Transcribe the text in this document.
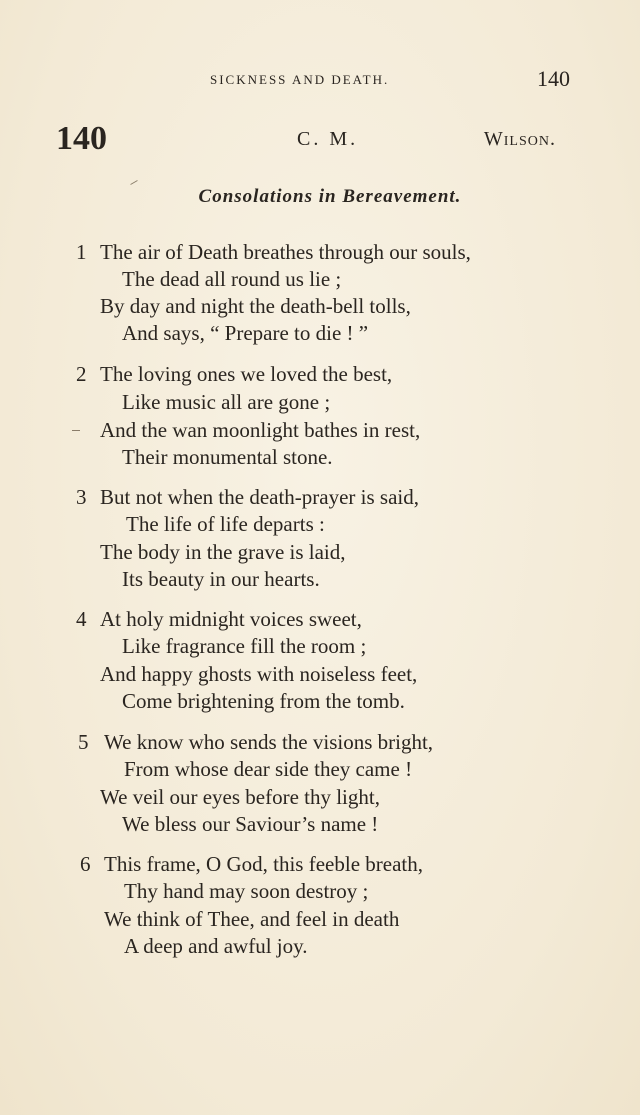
SICKNESS AND DEATH.	140
140	C. M.	Wilson.
Consolations in Bereavement.
1 The air of Death breathes through our souls,
The dead all round us lie ;
By day and night the death-bell tolls,
And says, “ Prepare to die ! ”
2 The loving ones we loved the best,
Like music all are gone ;
And the wan moonlight bathes in rest,
Their monumental stone.
3 But not when the death-prayer is said,
The life of life departs :
The body in the grave is laid,
Its beauty in our hearts.
4 At holy midnight voices sweet,
Like fragrance fill the room ;
And happy ghosts with noiseless feet,
Come brightening from the tomb.
5 We know who sends the visions bright,
From whose dear side they came !
We veil our eyes before thy light,
We bless our Saviour’s name !
6 This frame, O God, this feeble breath,
Thy hand may soon destroy ;
We think of Thee, and feel in death
A deep and awful joy.
